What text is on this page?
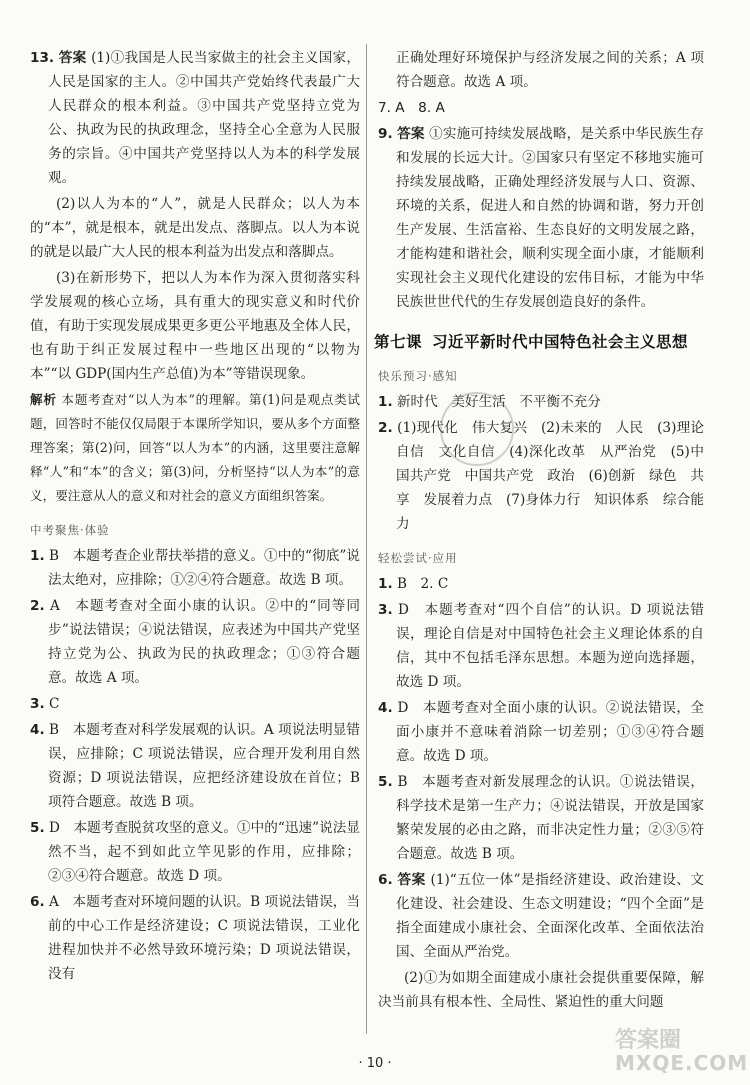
13. 答案 (1)①我国是人民当家做主的社会主义国家，人民是国家的主人。②中国共产党始终代表最广大人民群众的根本利益。③中国共产党坚持立党为公、执政为民的执政理念，坚持全心全意为人民服务的宗旨。④中国共产党坚持以人为本的科学发展观。

(2)以人为本的“人”，就是人民群众；以人为本的“本”，就是根本，就是出发点、落脚点。以人为本说的就是以最广大人民的根本利益为出发点和落脚点。

(3)在新形势下，把以人为本作为深入贯彻落实科学发展观的核心立场，具有重大的现实意义和时代价值，有助于实现发展成果更多更公平地惠及全体人民，也有助于纠正发展过程中一些地区出现的“以物为本”“以 GDP(国内生产总值)为本”等错误现象。

解析 本题考查对“以人为本”的理解。第(1)问是观点类试题，回答时不能仅仅局限于本课所学知识，要从多个方面整理答案；第(2)问，回答“以人为本”的内涵，这里要注意解释“人”和“本”的含义；第(3)问，分析坚持“以人为本”的意义，要注意从人的意义和对社会的意义方面组织答案。
中考聚焦·体验
1. B　本题考查企业帮扶举措的意义。①中的“彻底”说法太绝对，应排除；①②④符合题意。故选 B 项。
2. A　本题考查对全面小康的认识。②中的“同等同步”说法错误；④说法错误，应表述为中国共产党坚持立党为公、执政为民的执政理念；①③符合题意。故选 A 项。
3. C
4. B　本题考查对科学发展观的认识。A 项说法明显错误，应排除；C 项说法错误，应合理开发利用自然资源；D 项说法错误，应把经济建设放在首位；B 项符合题意。故选 B 项。
5. D　本题考查脱贫攻坚的意义。①中的“迅速”说法显然不当，起不到如此立竿见影的作用，应排除；②③④符合题意。故选 D 项。
6. A　本题考查对环境问题的认识。B 项说法错误，当前的中心工作是经济建设；C 项说法错误，工业化进程加快并不必然导致环境污染；D 项说法错误，没有
正确处理好环境保护与经济发展之间的关系；A 项符合题意。故选 A 项。
7. A　8. A
9. 答案 ①实施可持续发展战略，是关系中华民族生存和发展的长远大计。②国家只有坚定不移地实施可持续发展战略，正确处理经济发展与人口、资源、环境的关系，促进人和自然的协调和谐，努力开创生产发展、生活富裕、生态良好的文明发展之路，才能构建和谐社会，顺利实现全面小康，才能顺利实现社会主义现代化建设的宏伟目标，才能为中华民族世世代代的生存发展创造良好的条件。
第七课 习近平新时代中国特色社会主义思想
快乐预习·感知
1. 新时代　美好生活　不平衡不充分
2. (1)现代化　伟大复兴　(2)未来的　人民　(3)理论自信　文化自信　(4)深化改革　从严治党　(5)中国共产党　中国共产党　政治　(6)创新　绿色　共享　发展着力点　(7)身体力行　知识体系　综合能力
轻松尝试·应用
1. B　2. C
3. D　本题考查对“四个自信”的认识。D 项说法错误，理论自信是对中国特色社会主义理论体系的自信，其中不包括毛泽东思想。本题为逆向选择题，故选 D 项。
4. D　本题考查对全面小康的认识。②说法错误，全面小康并不意味着消除一切差别；①③④符合题意。故选 D 项。
5. B　本题考查对新发展理念的认识。①说法错误，科学技术是第一生产力；④说法错误，开放是国家繁荣发展的必由之路，而非决定性力量；②③⑤符合题意。故选 B 项。
6. 答案 (1)“五位一体”是指经济建设、政治建设、文化建设、社会建设、生态文明建设；“四个全面”是指全面建成小康社会、全面深化改革、全面依法治国、全面从严治党。

(2)①为如期全面建成小康社会提供重要保障，解决当前具有根本性、全局性、紧迫性的重大问题

· 10 ·
答案圈
MXQE.COM
